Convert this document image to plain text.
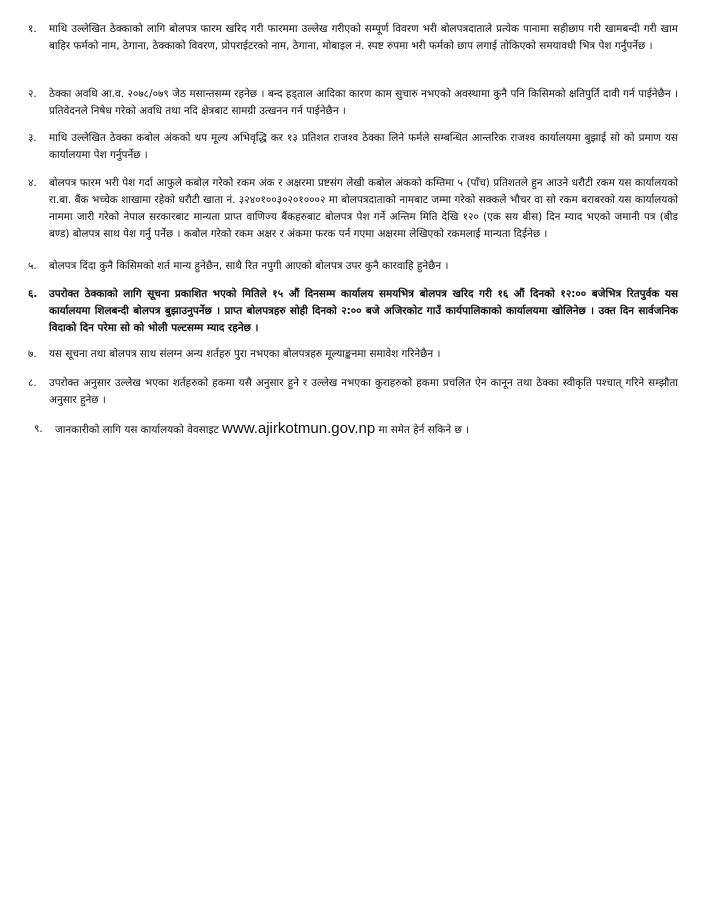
१. माथि उल्लेखित ठेक्काको लागि बोलपत्र फारम खरिद गरी फारममा उल्लेख गरीएको सम्पूर्ण विवरण भरी बोलपत्रदाताले प्रत्येक पानामा सहीछाप गरी खामबन्दी गरी खाम बाहिर फर्मको नाम, ठेगाना, ठेक्काको विवरण, प्रोपराईटरको नाम, ठेगाना, मोबाइल नं. स्पष्ट रुपमा भरी फर्मको छाप लगाई तोकिएको समयावधी भित्र पेश गर्नुपर्नेछ ।
२. ठेक्का अवधि आ.व. २०७८/०७९ जेठ मसान्तसम्म रहनेछ । बन्द हड्ताल आदिका कारण काम सुचारु नभएको अवस्थामा कुनै पनि किसिमको क्षतिपुर्ति दावी गर्न पाईनेछैन । प्रतिवेदनले निषेध गरेको अवधि तथा नदि क्षेत्रबाट सामग्री उत्खनन गर्न पाईनेछैन ।
३. माथि उल्लेखित ठेक्का कबोल अंकको थप मूल्य अभिवृद्धि कर १३ प्रतिशत राजश्व ठेक्का लिने फर्मले सम्बन्धित आन्तरिक राजश्व कार्यालयमा बुझाई सो को प्रमाण यस कार्यालयमा पेश गर्नुपर्नेछ ।
४. बोलपत्र फारम भरी पेश गर्दा आफुले कबोल गरेको रकम अंक र अक्षरमा प्रष्टसंग लेखी कबोल अंकको कम्तिमा ५ (पाँच) प्रतिशतले हुन आउने धरौटी रकम यस कार्यालयको रा.बा. बैंक भच्चेक शाखामा रहेको धरौटी खाता नं. ३२४०१००३०२०१०००२ मा बोलपत्रदाताको नामबाट जम्मा गरेको सक्कले भौचर वा सो रकम बराबरको यस कार्यालयको नाममा जारी गरेको नेपाल सरकारबाट मान्यता प्राप्त वाणिज्य बैंकहरुबाट बोलपत्र पेश गर्ने अन्तिम मिति देखि १२० (एक सय बीस) दिन म्याद भएको जमानी पत्र (बीड बण्ड) बोलपत्र साथ पेश गर्नु पर्नेछ । कबोल गरेको रकम अक्षर र अंकमा फरक पर्न गएमा अक्षरमा लेखिएको रकमलाई मान्यता दिईनेछ ।
५. बोलपत्र दिंदा कुनै किसिमको शर्त मान्य हुनेछैन, साथै रित नपुगी आएको बोलपत्र उपर कुनै कारवाहि हुनेछैन ।
६. उपरोक्त ठेक्काको लागि सूचना प्रकाशित भएको मितिले १५ औं दिनसम्म कार्यालय समयभित्र बोलपत्र खरिद गरी १६ औं दिनको १२:०० बजेभित्र रितपुर्वक यस कार्यालयमा शिलबन्दी बोलपत्र बुझाउनुपर्नेछ । प्राप्त बोलपत्रहरु सोही दिनको २:०० बजे अजिरकोट गाउँ कार्यपालिकाको कार्यालयमा खोलिनेछ । उक्त दिन सार्वजनिक विदाको दिन परेमा सो को भोली पल्टसम्म म्याद रहनेछ ।
७. यस सूचना तथा बोलपत्र साथ संलग्न अन्य शर्तहरु पुरा नभएका बोलपत्रहरु मूल्याङ्कनमा समावेश गरिनेछैन ।
८. उपरोक्त अनुसार उल्लेख भएका शर्तहरुको हकमा यसै अनुसार हुने र उल्लेख नभएका कुराहरुको हकमा प्रचलित ऐन कानून तथा ठेक्का स्वीकृति पश्चात् गरिने सम्झौता अनुसार हुनेछ ।
९. जानकारीको लागि यस कार्यालयको वेवसाइट www.ajirkotmun.gov.np मा समेत हेर्न सकिने छ ।
